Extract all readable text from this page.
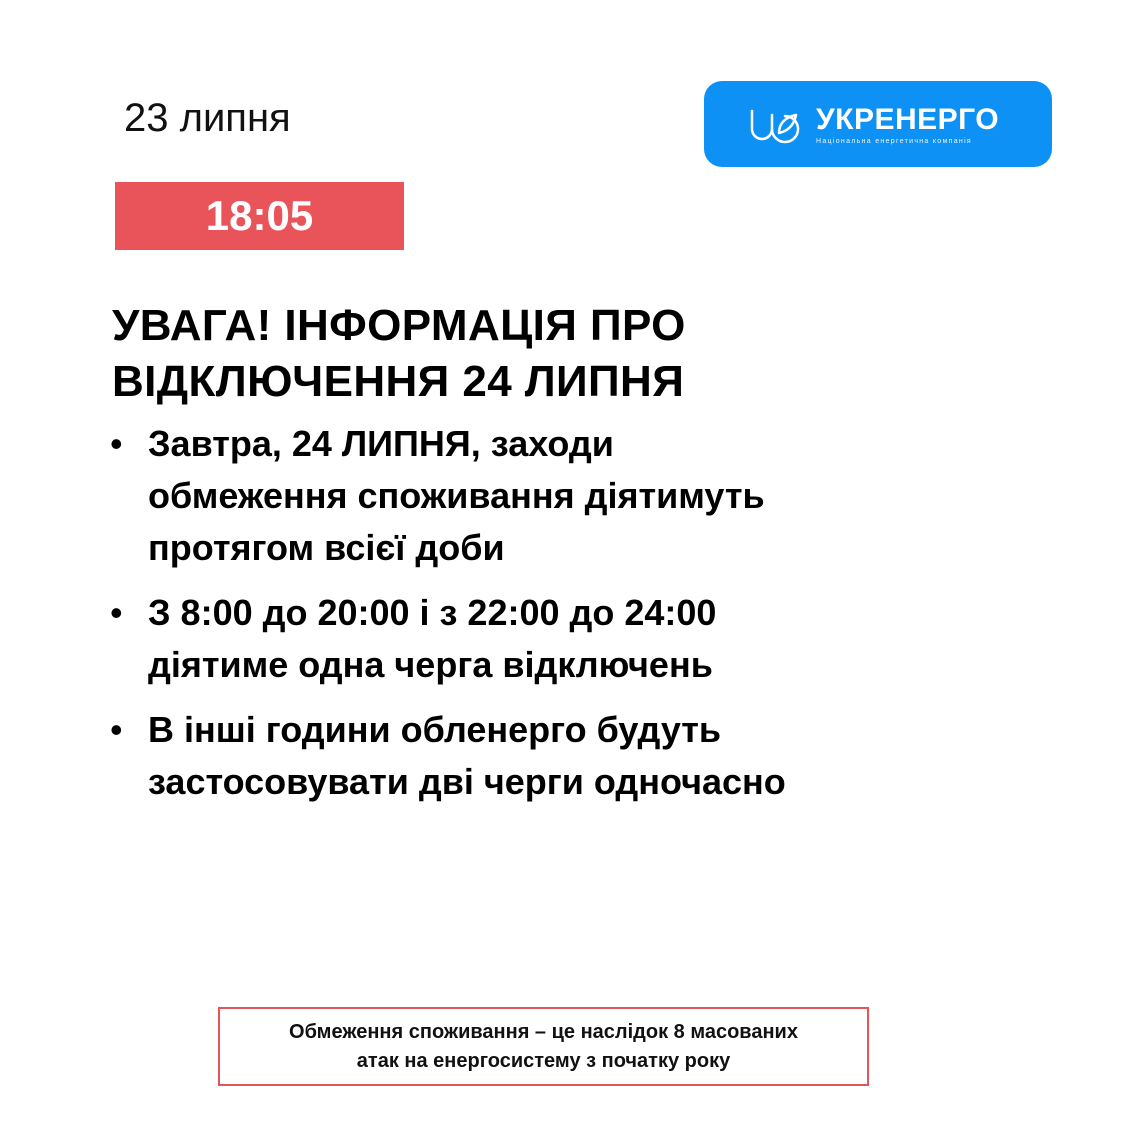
23 липня	УКРЕНЕРГО
Національна енергетична компанія
18:05
УВАГА! ІНФОРМАЦІЯ ПРО
ВІДКЛЮЧЕННЯ 24 ЛИПНЯ
• Завтра, 24 ЛИПНЯ, заходи
обмеження споживання діятимуть
протягом всієї доби
• З 8:00 до 20:00 і з 22:00 до 24:00
діятиме одна черга відключень
• В інші години обленерго будуть
застосовувати дві черги одночасно

Обмеження споживання – це наслідок 8 масованих
атак на енергосистему з початку року
